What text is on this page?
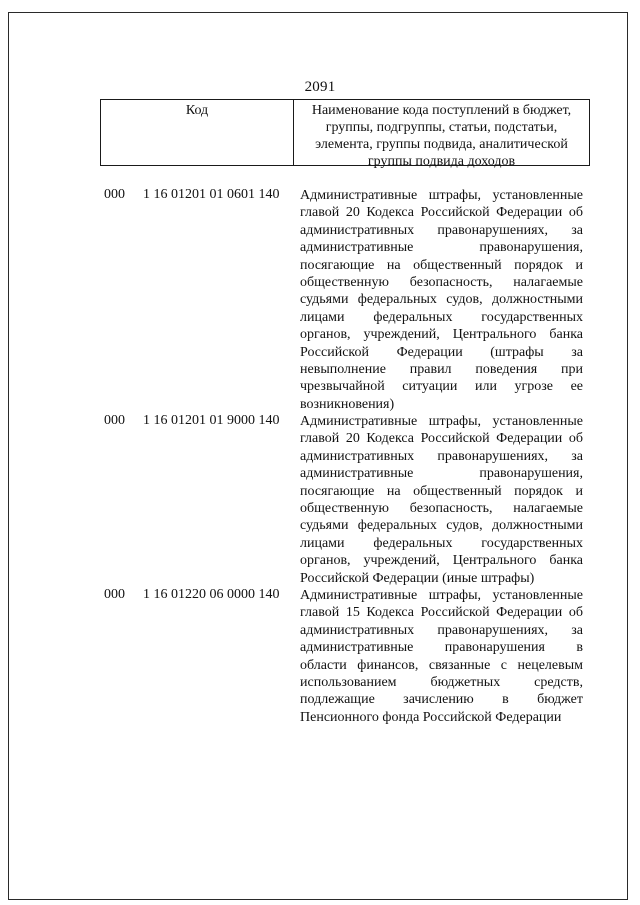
2091
Код	Наименование кода поступлений в бюджет,
группы, подгруппы, статьи, подстатьи,
элемента, группы подвида, аналитической
группы подвида доходов
000 1 16 01201 01 0601 140 Административные штрафы, установленные
главой 20 Кодекса Российской Федерации об
административных правонарушениях, за
административные правонарушения,
посягающие на общественный порядок и
общественную безопасность, налагаемые
судьями федеральных судов, должностными
лицами федеральных государственных
органов, учреждений, Центрального банка
Российской Федерации (штрафы за
невыполнение правил поведения при
чрезвычайной ситуации или угрозе ее
возникновения)
000 1 16 01201 01 9000 140 Административные штрафы, установленные
главой 20 Кодекса Российской Федерации об
административных правонарушениях, за
административные правонарушения,
посягающие на общественный порядок и
общественную безопасность, налагаемые
судьями федеральных судов, должностными
лицами федеральных государственных
органов, учреждений, Центрального банка
Российской Федерации (иные штрафы)
000 1 16 01220 06 0000 140 Административные штрафы, установленные
главой 15 Кодекса Российской Федерации об
административных правонарушениях, за
административные правонарушения в
области финансов, связанные с нецелевым
использованием бюджетных средств,
подлежащие зачислению в бюджет
Пенсионного фонда Российской Федерации
